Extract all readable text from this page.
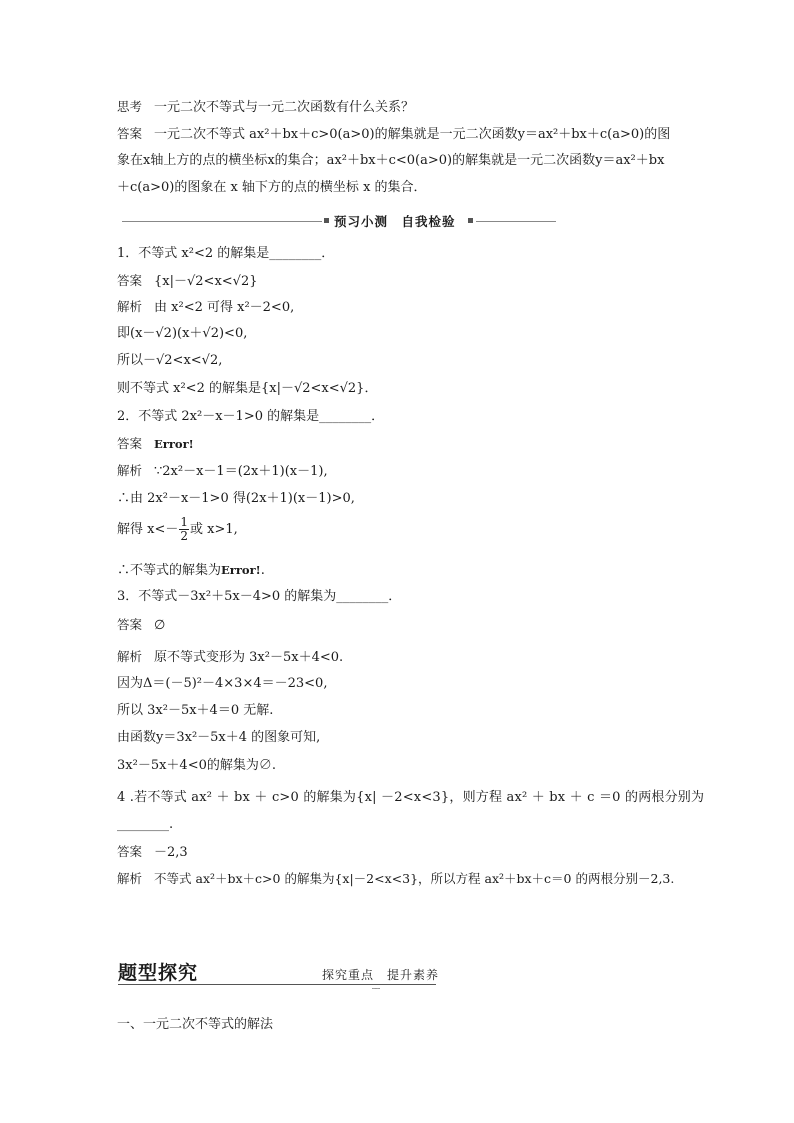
思考 一元二次不等式与一元二次函数有什么关系？
答案 一元二次不等式 ax²＋bx＋c>0(a>0)的解集就是一元二次函数y＝ax²＋bx＋c(a>0)的图
象在x轴上方的点的横坐标x的集合；ax²＋bx＋c<0(a>0)的解集就是一元二次函数y＝ax²＋bx
＋c(a>0)的图象在 x 轴下方的点的横坐标 x 的集合．
预习小测　自我检验
1．不等式 x²<2 的解集是________．
答案 {x|－√2<x<√2}
解析 由 x²<2 可得 x²－2<0,
即(x－√2)(x＋√2)<0,
所以－√2<x<√2,
则不等式 x²<2 的解集是{x|－√2<x<√2}．
2．不等式 2x²－x－1>0 的解集是________．
答案 Error!
解析 ∵2x²－x－1＝(2x＋1)(x－1),
∴由 2x²－x－1>0 得(2x＋1)(x－1)>0,
解得 $x<- \frac{1}{2}$ 或 x>1,
∴不等式的解集为Error!.
3．不等式－3x²＋5x－4>0 的解集为________．
答案 ∅
解析 原不等式变形为 3x²－5x＋4<0.
因为Δ＝(－5)²－4×3×4＝－23<0,
所以 3x²－5x＋4＝0 无解.
由函数y＝3x²－5x＋4 的图象可知,
3x²－5x＋4<0的解集为∅.
4 .若不等式 ax² ＋ bx ＋ c>0 的解集为{x| －2<x<3}，则方程 ax² ＋ bx ＋ c ＝0 的两根分别为
________.
答案 －2,3
解析 不等式 ax²＋bx＋c>0 的解集为{x|－2<x<3}，所以方程 ax²＋bx＋c＝0 的两根分别－2,3.
题型探究	探究重点　提升素养
﹏
一、一元二次不等式的解法
